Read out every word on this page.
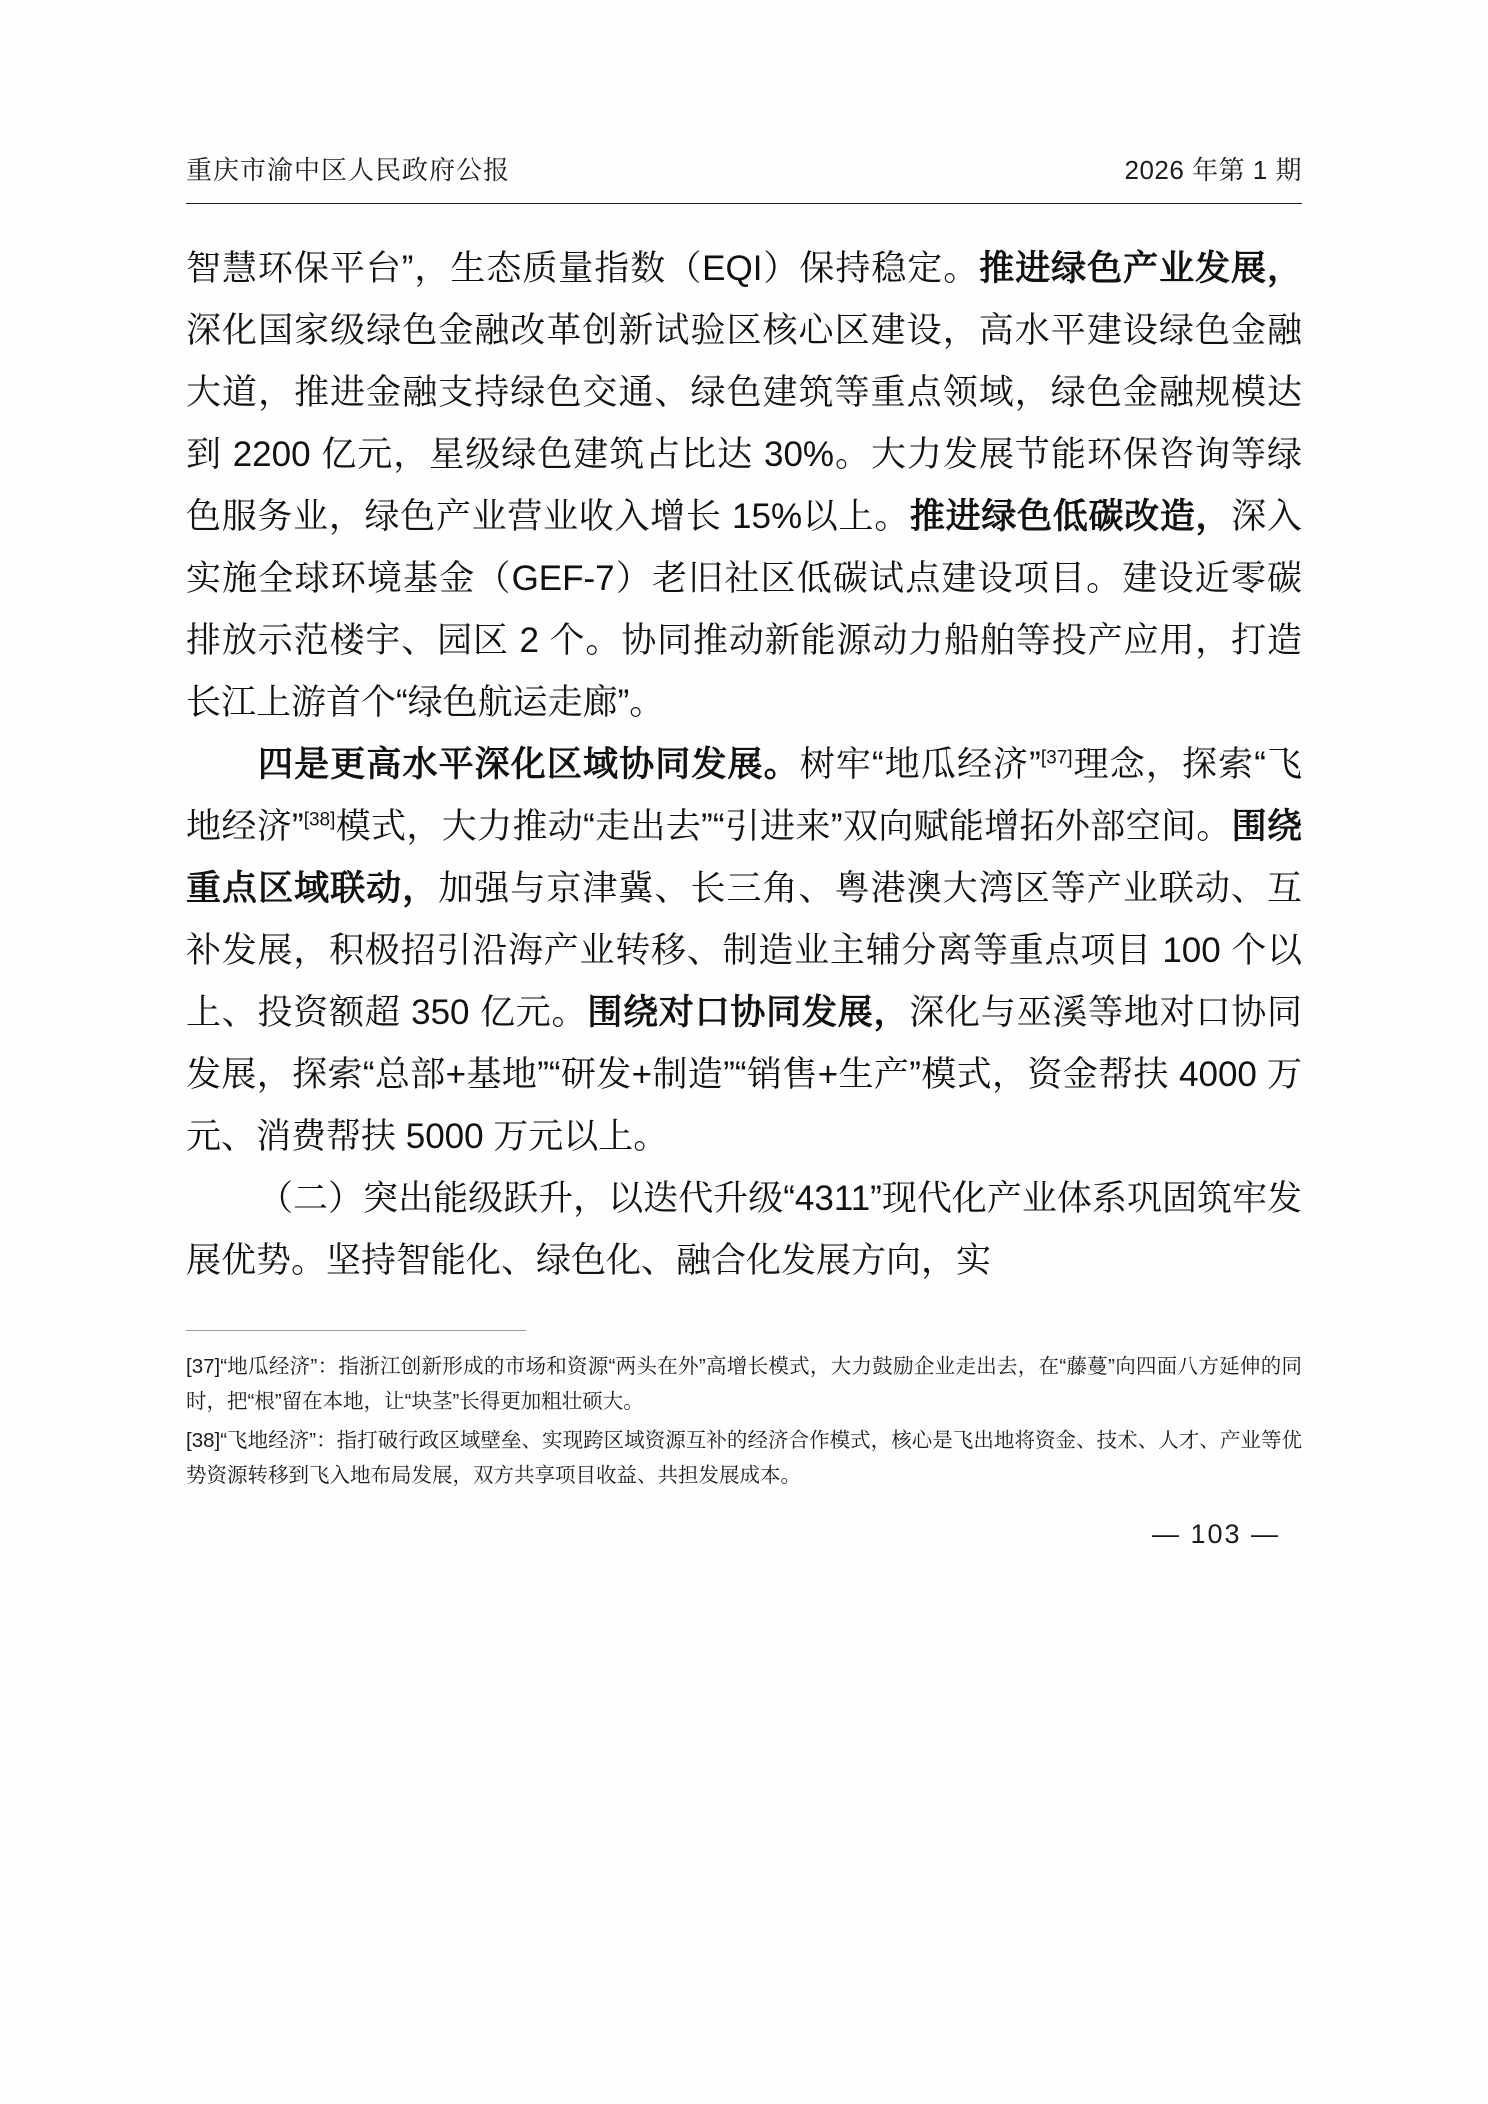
重庆市渝中区人民政府公报	2026 年第 1 期

智慧环保平台”，生态质量指数（EQI）保持稳定。推进绿色产业发展，深化国家级绿色金融改革创新试验区核心区建设，高水平建设绿色金融大道，推进金融支持绿色交通、绿色建筑等重点领域，绿色金融规模达到 2200 亿元，星级绿色建筑占比达 30%。大力发展节能环保咨询等绿色服务业，绿色产业营业收入增长 15%以上。推进绿色低碳改造，深入实施全球环境基金（GEF-7）老旧社区低碳试点建设项目。建设近零碳排放示范楼宇、园区 2 个。协同推动新能源动力船舶等投产应用，打造长江上游首个“绿色航运走廊”。

四是更高水平深化区域协同发展。树牢“地瓜经济”[37]理念，探索“飞地经济”[38]模式，大力推动“走出去”“引进来”双向赋能增拓外部空间。围绕重点区域联动，加强与京津冀、长三角、粤港澳大湾区等产业联动、互补发展，积极招引沿海产业转移、制造业主辅分离等重点项目 100 个以上、投资额超 350 亿元。围绕对口协同发展，深化与巫溪等地对口协同发展，探索“总部+基地”“研发+制造”“销售+生产”模式，资金帮扶 4000 万元、消费帮扶 5000 万元以上。

（二）突出能级跃升，以迭代升级“4311”现代化产业体系巩固筑牢发展优势。坚持智能化、绿色化、融合化发展方向，实

[37]“地瓜经济”：指浙江创新形成的市场和资源“两头在外”高增长模式，大力鼓励企业走出去，在“藤蔓”向四面八方延伸的同时，把“根”留在本地，让“块茎”长得更加粗壮硕大。

[38]“飞地经济”：指打破行政区域壁垒、实现跨区域资源互补的经济合作模式，核心是飞出地将资金、技术、人才、产业等优势资源转移到飞入地布局发展，双方共享项目收益、共担发展成本。

— 103 —
